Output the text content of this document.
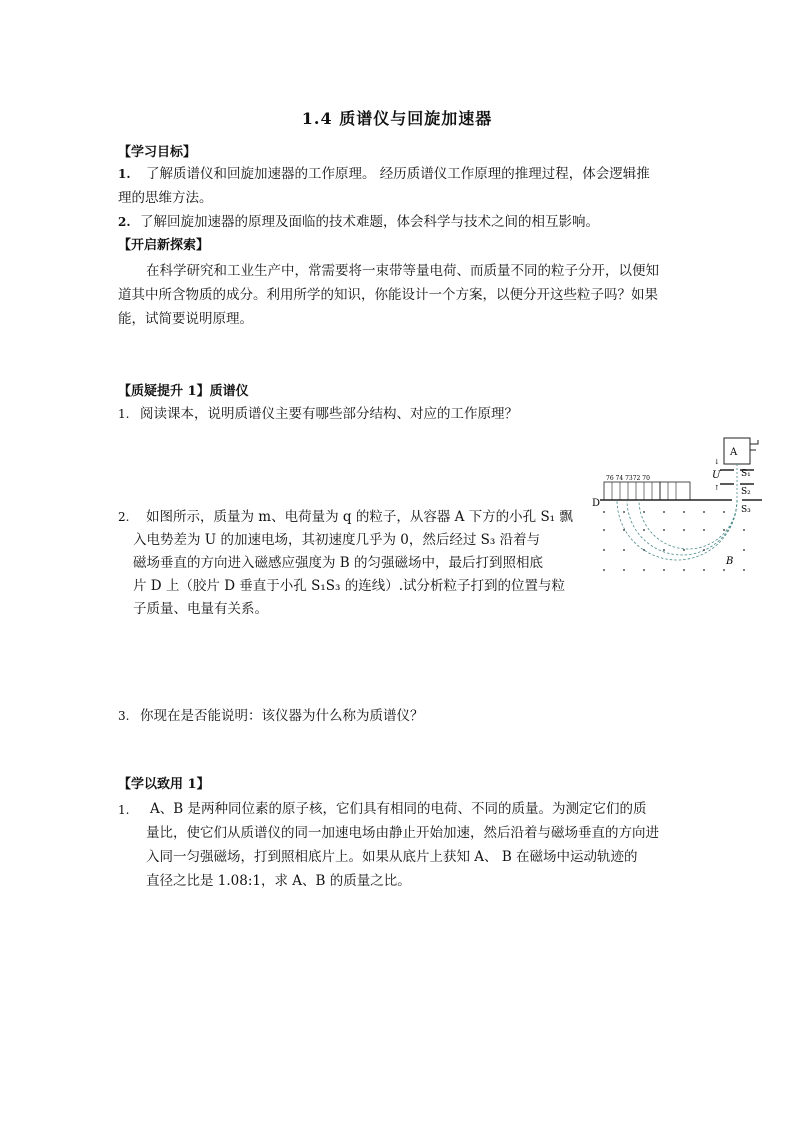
1.4 质谱仪与回旋加速器
【学习目标】
1. 了解质谱仪和回旋加速器的工作原理。 经历质谱仪工作原理的推理过程，体会逻辑推
理的思维方法。
2. 了解回旋加速器的原理及面临的技术难题，体会科学与技术之间的相互影响。
【开启新探索】
在科学研究和工业生产中，常需要将一束带等量电荷、而质量不同的粒子分开，以便知
道其中所含物质的成分。利用所学的知识，你能设计一个方案，以便分开这些粒子吗？如果
能，试简要说明原理。
【质疑提升 1】质谱仪
1. 阅读课本，说明质谱仪主要有哪些部分结构、对应的工作原理？
2. 如图所示，质量为 m、电荷量为 q 的粒子，从容器 A 下方的小孔 S₁ 飘
入电势差为 U 的加速电场，其初速度几乎为 0，然后经过 S₃ 沿着与
磁场垂直的方向进入磁感应强度为 B 的匀强磁场中，最后打到照相底
片 D 上（胶片 D 垂直于小孔 S₁S₃ 的连线）.试分析粒子打到的位置与粒
子质量、电量有关系。
3. 你现在是否能说明：该仪器为什么称为质谱仪？
【学以致用 1】
1. A、B 是两种同位素的原子核，它们具有相同的电荷、不同的质量。为测定它们的质
量比，使它们从质谱仪的同一加速电场由静止开始加速，然后沿着与磁场垂直的方向进
入同一匀强磁场，打到照相底片上。如果从底片上获知 A、 B 在磁场中运动轨迹的
直径之比是 1.08:1，求 A、B 的质量之比。
A
S₁
S₂
U
↓
↑
D
S₃
76 74 7372 70
B
